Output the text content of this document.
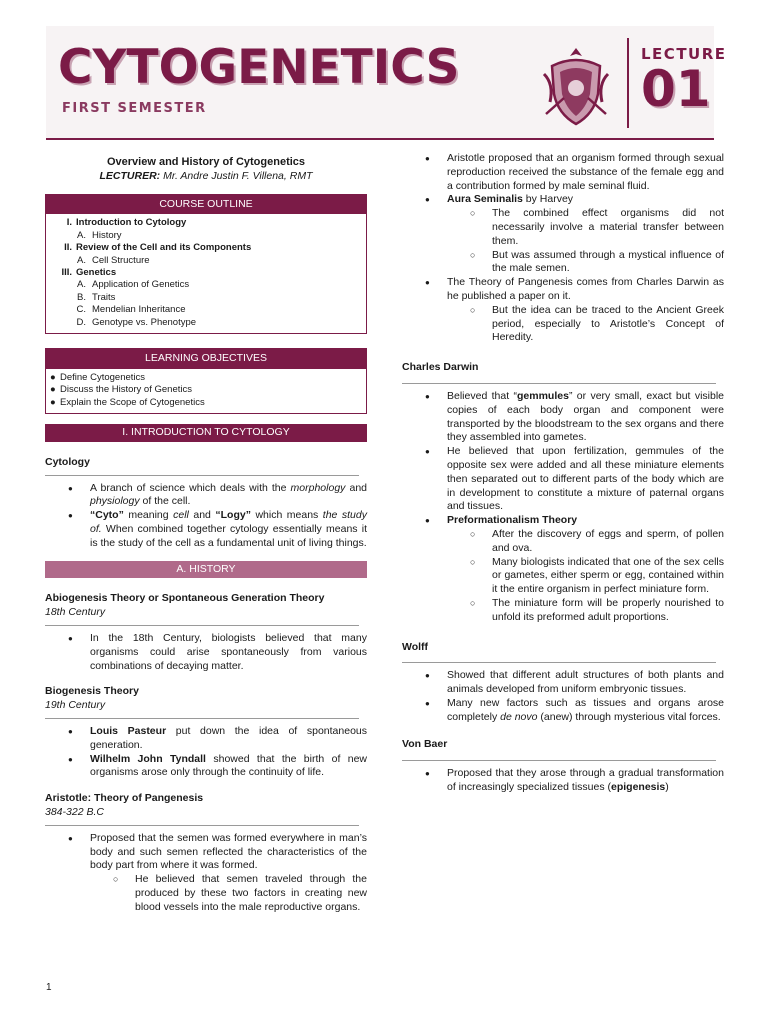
CYTOGENETICS
FIRST SEMESTER
LECTURE
01
Overview and History of Cytogenetics
LECTURER: Mr. Andre Justin F. Villena, RMT
COURSE OUTLINE
I. Introduction to Cytology
A. History
II. Review of the Cell and its Components
A. Cell Structure
III. Genetics
A. Application of Genetics
B. Traits
C. Mendelian Inheritance
D. Genotype vs. Phenotype
LEARNING OBJECTIVES
● Define Cytogenetics
● Discuss the History of Genetics
● Explain the Scope of Cytogenetics
I. INTRODUCTION TO CYTOLOGY
Cytology
● A branch of science which deals with the morphology and physiology of the cell.
● “Cyto” meaning cell and “Logy” which means the study of. When combined together cytology essentially means it is the study of the cell as a fundamental unit of living things.
A. HISTORY
Abiogenesis Theory or Spontaneous Generation Theory
18th Century
● In the 18th Century, biologists believed that many organisms could arise spontaneously from various combinations of decaying matter.
Biogenesis Theory
19th Century
● Louis Pasteur put down the idea of spontaneous generation.
● Wilhelm John Tyndall showed that the birth of new organisms arose only through the continuity of life.
Aristotle: Theory of Pangenesis
384-322 B.C
● Proposed that the semen was formed everywhere in man’s body and such semen reflected the characteristics of the body part from where it was formed.
○ He believed that semen traveled through the produced by these two factors in creating new blood vessels into the male reproductive organs.
● Aristotle proposed that an organism formed through sexual reproduction received the substance of the female egg and a contribution formed by male seminal fluid.
● Aura Seminalis by Harvey
○ The combined effect organisms did not necessarily involve a material transfer between them.
○ But was assumed through a mystical influence of the male semen.
● The Theory of Pangenesis comes from Charles Darwin as he published a paper on it.
○ But the idea can be traced to the Ancient Greek period, especially to Aristotle’s Concept of Heredity.
Charles Darwin
● Believed that “gemmules” or very small, exact but visible copies of each body organ and component were transported by the bloodstream to the sex organs and there they assembled into gametes.
● He believed that upon fertilization, gemmules of the opposite sex were added and all these miniature elements then separated out to different parts of the body which are in development to constitute a mixture of paternal organs and tissues.
● Preformationalism Theory
○ After the discovery of eggs and sperm, of pollen and ova.
○ Many biologists indicated that one of the sex cells or gametes, either sperm or egg, contained within it the entire organism in perfect miniature form.
○ The miniature form will be properly nourished to unfold its preformed adult proportions.
Wolff
● Showed that different adult structures of both plants and animals developed from uniform embryonic tissues.
● Many new factors such as tissues and organs arose completely de novo (anew) through mysterious vital forces.
Von Baer
● Proposed that they arose through a gradual transformation of increasingly specialized tissues (epigenesis)
1
